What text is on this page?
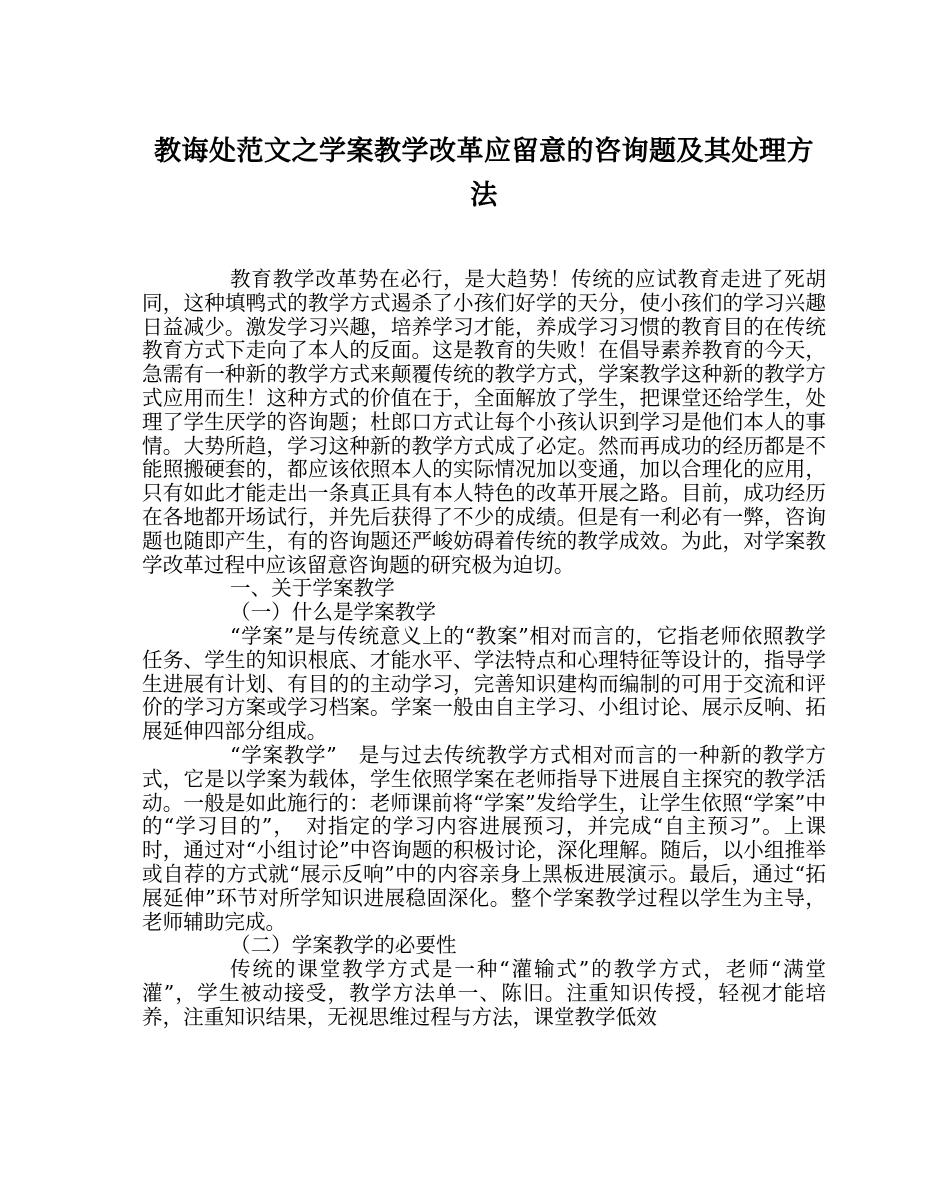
教诲处范文之学案教学改革应留意的咨询题及其处理方法

教育教学改革势在必行，是大趋势！传统的应试教育走进了死胡同，这种填鸭式的教学方式遏杀了小孩们好学的天分，使小孩们的学习兴趣日益减少。激发学习兴趣，培养学习才能，养成学习习惯的教育目的在传统教育方式下走向了本人的反面。这是教育的失败！在倡导素养教育的今天，急需有一种新的教学方式来颠覆传统的教学方式，学案教学这种新的教学方式应用而生！这种方式的价值在于，全面解放了学生，把课堂还给学生，处理了学生厌学的咨询题；杜郎口方式让每个小孩认识到学习是他们本人的事情。大势所趋，学习这种新的教学方式成了必定。然而再成功的经历都是不能照搬硬套的，都应该依照本人的实际情况加以变通，加以合理化的应用，只有如此才能走出一条真正具有本人特色的改革开展之路。目前，成功经历在各地都开场试行，并先后获得了不少的成绩。但是有一利必有一弊，咨询题也随即产生，有的咨询题还严峻妨碍着传统的教学成效。为此，对学案教学改革过程中应该留意咨询题的研究极为迫切。

一、关于学案教学

（一）什么是学案教学

“学案”是与传统意义上的“教案”相对而言的，它指老师依照教学任务、学生的知识根底、才能水平、学法特点和心理特征等设计的，指导学生进展有计划、有目的的主动学习，完善知识建构而编制的可用于交流和评价的学习方案或学习档案。学案一般由自主学习、小组讨论、展示反响、拓展延伸四部分组成。

“学案教学”　是与过去传统教学方式相对而言的一种新的教学方式，它是以学案为载体，学生依照学案在老师指导下进展自主探究的教学活动。一般是如此施行的：老师课前将“学案”发给学生，让学生依照“学案”中的“学习目的”，　对指定的学习内容进展预习，并完成“自主预习”。上课时，通过对“小组讨论”中咨询题的积极讨论，深化理解。随后，以小组推举或自荐的方式就“展示反响”中的内容亲身上黑板进展演示。最后，通过“拓展延伸”环节对所学知识进展稳固深化。整个学案教学过程以学生为主导，老师辅助完成。

（二）学案教学的必要性

传统的课堂教学方式是一种“灌输式”的教学方式，老师“满堂灌”，学生被动接受，教学方法单一、陈旧。注重知识传授，轻视才能培养，注重知识结果，无视思维过程与方法，课堂教学低效
